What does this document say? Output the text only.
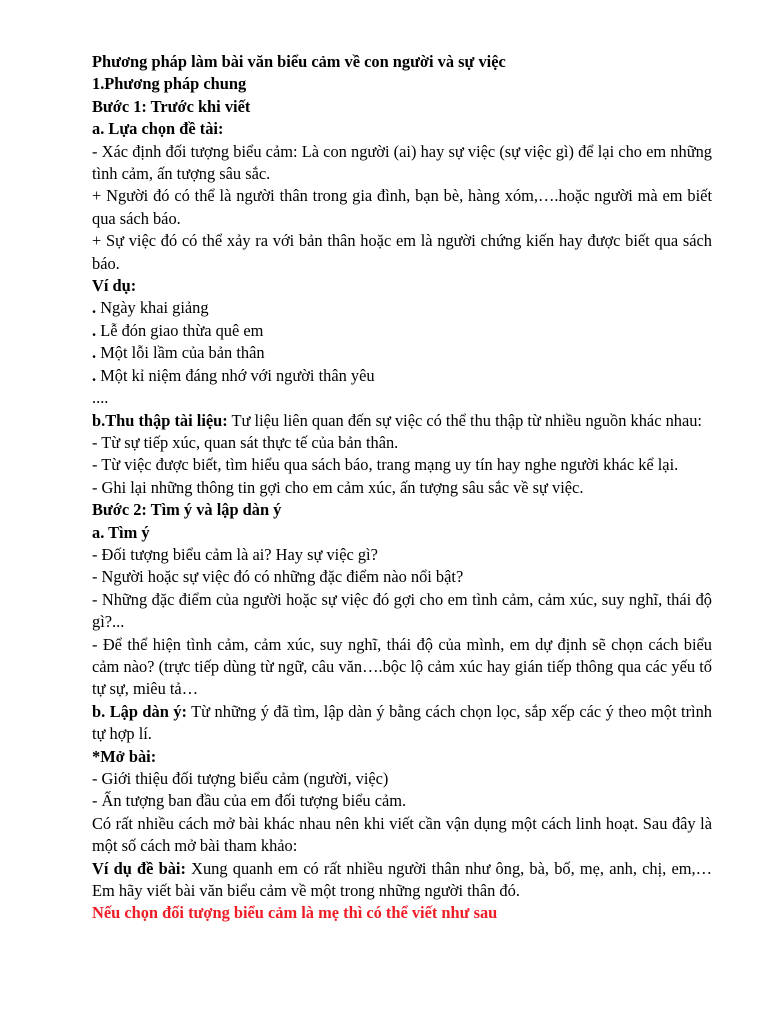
Phương pháp làm bài văn biểu cảm về con người và sự việc

1.Phương pháp chung

Bước 1: Trước khi viết

a. Lựa chọn đề tài:

- Xác định đối tượng biểu cảm: Là con người (ai) hay sự việc (sự việc gì) để lại cho em những tình cảm, ấn tượng sâu sắc.

+ Người đó có thể là người thân trong gia đình, bạn bè, hàng xóm,….hoặc người mà em biết qua sách báo.

+ Sự việc đó có thể xảy ra với bản thân hoặc em là người chứng kiến hay được biết qua sách báo.

Ví dụ:

. Ngày khai giảng

. Lễ đón giao thừa quê em

. Một lỗi lầm của bản thân

. Một kỉ niệm đáng nhớ với người thân yêu

....

b.Thu thập tài liệu: Tư liệu liên quan đến sự việc có thể thu thập từ nhiều nguồn khác nhau:

- Từ sự tiếp xúc, quan sát thực tế của bản thân.

- Từ việc được biết, tìm hiểu qua sách báo, trang mạng uy tín hay nghe người khác kể lại.

- Ghi lại những thông tin gợi cho em cảm xúc, ấn tượng sâu sắc về sự việc.

Bước 2: Tìm ý và lập dàn ý

a. Tìm ý

- Đối tượng biểu cảm là ai? Hay sự việc gì?

- Người hoặc sự việc đó có những đặc điểm nào nổi bật?

- Những đặc điểm của người hoặc sự việc đó gợi cho em tình cảm, cảm xúc, suy nghĩ, thái độ gì?...

- Để thể hiện tình cảm, cảm xúc, suy nghĩ, thái độ của mình, em dự định sẽ chọn cách biểu cảm nào? (trực tiếp dùng từ ngữ, câu văn….bộc lộ cảm xúc hay gián tiếp thông qua các yếu tố tự sự, miêu tả…

b. Lập dàn ý: Từ những ý đã tìm, lập dàn ý bằng cách chọn lọc, sắp xếp các ý theo một trình tự hợp lí.

*Mở bài:

- Giới thiệu đối tượng biểu cảm (người, việc)

- Ấn tượng ban đầu của em đối tượng biểu cảm.

Có rất nhiều cách mở bài khác nhau nên khi viết cần vận dụng một cách linh hoạt. Sau đây là một số cách mở bài tham khảo:

Ví dụ đề bài: Xung quanh em có rất nhiều người thân như ông, bà, bố, mẹ, anh, chị, em,… Em hãy viết bài văn biểu cảm về một trong những người thân đó.

Nếu chọn đối tượng biểu cảm là mẹ thì có thể viết như sau
